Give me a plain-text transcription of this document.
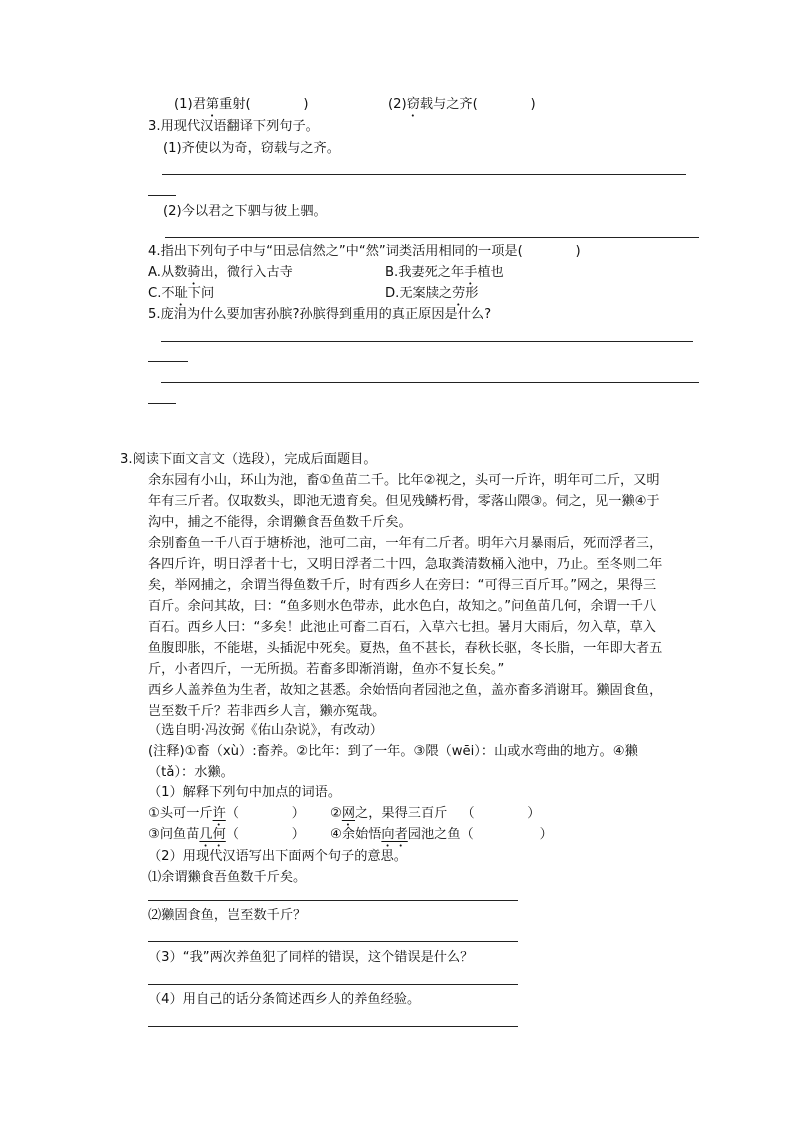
(1)君第重射(　　　　)	(2)窃载与之齐(　　　　)
3.用现代汉语翻译下列句子。
(1)齐使以为奇，窃载与之齐。
(2)今以君之下驷与彼上驷。
4.指出下列句子中与“田忌信然之”中“然”词类活用相同的一项是(　　　　)
A.从数骑出，微行入古寺	B.我妻死之年手植也
C.不耻下问	D.无案牍之劳形
5.庞涓为什么要加害孙膑?孙膑得到重用的真正原因是什么?
3.阅读下面文言文（选段），完成后面题目。
余东园有小山，环山为池，畜①鱼苗二千。比年②视之，头可一斤许，明年可二斤，又明
年有三斤者。仅取数头，即池无遗育矣。但见残鳞朽骨，零落山隈③。伺之，见一獭④于
沟中，捕之不能得，余谓獭食吾鱼数千斤矣。
余别畜鱼一千八百于塘桥池，池可二亩，一年有二斤者。明年六月暴雨后，死而浮者三，
各四斤许，明日浮者十七，又明日浮者二十四，急取粪清数桶入池中，乃止。至冬则二年
矣，举网捕之，余谓当得鱼数千斤，时有西乡人在旁曰：“可得三百斤耳。”网之，果得三
百斤。余问其故，曰：“鱼多则水色带赤，此水色白，故知之。”问鱼苗几何，余谓一千八
百石。西乡人曰：“多矣！此池止可畜二百石，入草六七担。暑月大雨后，勿入草，草入
鱼腹即胀，不能堪，头插泥中死矣。夏热，鱼不甚长，春秋长驱，冬长脂，一年即大者五
斤，小者四斤，一无所损。若畜多即渐消谢，鱼亦不复长矣。”
西乡人盖养鱼为生者，故知之甚悉。余始悟向者园池之鱼，盖亦畜多消谢耳。獭固食鱼，
岂至数千斤？若非西乡人言，獭亦冤哉。
（选自明·冯汝弼《佑山杂说》，有改动）
(注释)①畜（xù）:畜养。②比年：到了一年。③隈（wēi）：山或水弯曲的地方。④獭
（tǎ）：水獭。
（1）解释下列句中加点的词语。
①头可一斤许（　　　　） ②网之，果得三百斤 （　　　　）
③问鱼苗几何（　　　　） ④余始悟向者园池之鱼（　　　　　）
（2）用现代汉语写出下面两个句子的意思。
⑴余谓獭食吾鱼数千斤矣。
⑵獭固食鱼，岂至数千斤？
（3）“我”两次养鱼犯了同样的错误，这个错误是什么？
（4）用自己的话分条简述西乡人的养鱼经验。
